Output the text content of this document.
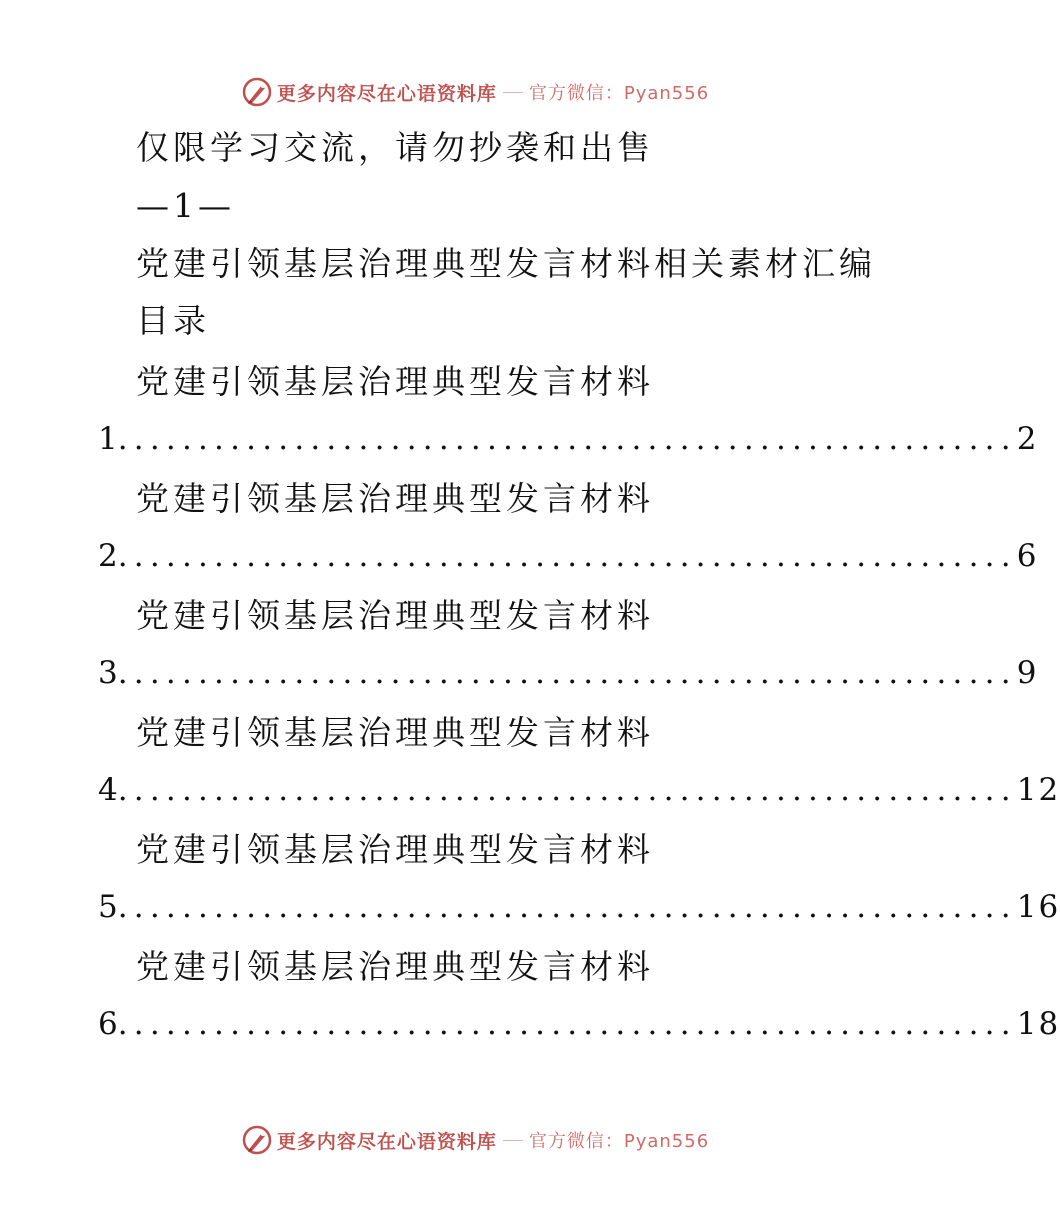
更多内容尽在心语资料库 官方微信：Pyan556
仅限学习交流，请勿抄袭和出售
—1—
党建引领基层治理典型发言材料相关素材汇编
目录
党建引领基层治理典型发言材料
1 ........................................................ 2
党建引领基层治理典型发言材料
2 ........................................................ 6
党建引领基层治理典型发言材料
3 ........................................................ 9
党建引领基层治理典型发言材料
4 ........................................................ 12
党建引领基层治理典型发言材料
5 ........................................................ 16
党建引领基层治理典型发言材料
6 ........................................................ 18
更多内容尽在心语资料库 官方微信：Pyan556
